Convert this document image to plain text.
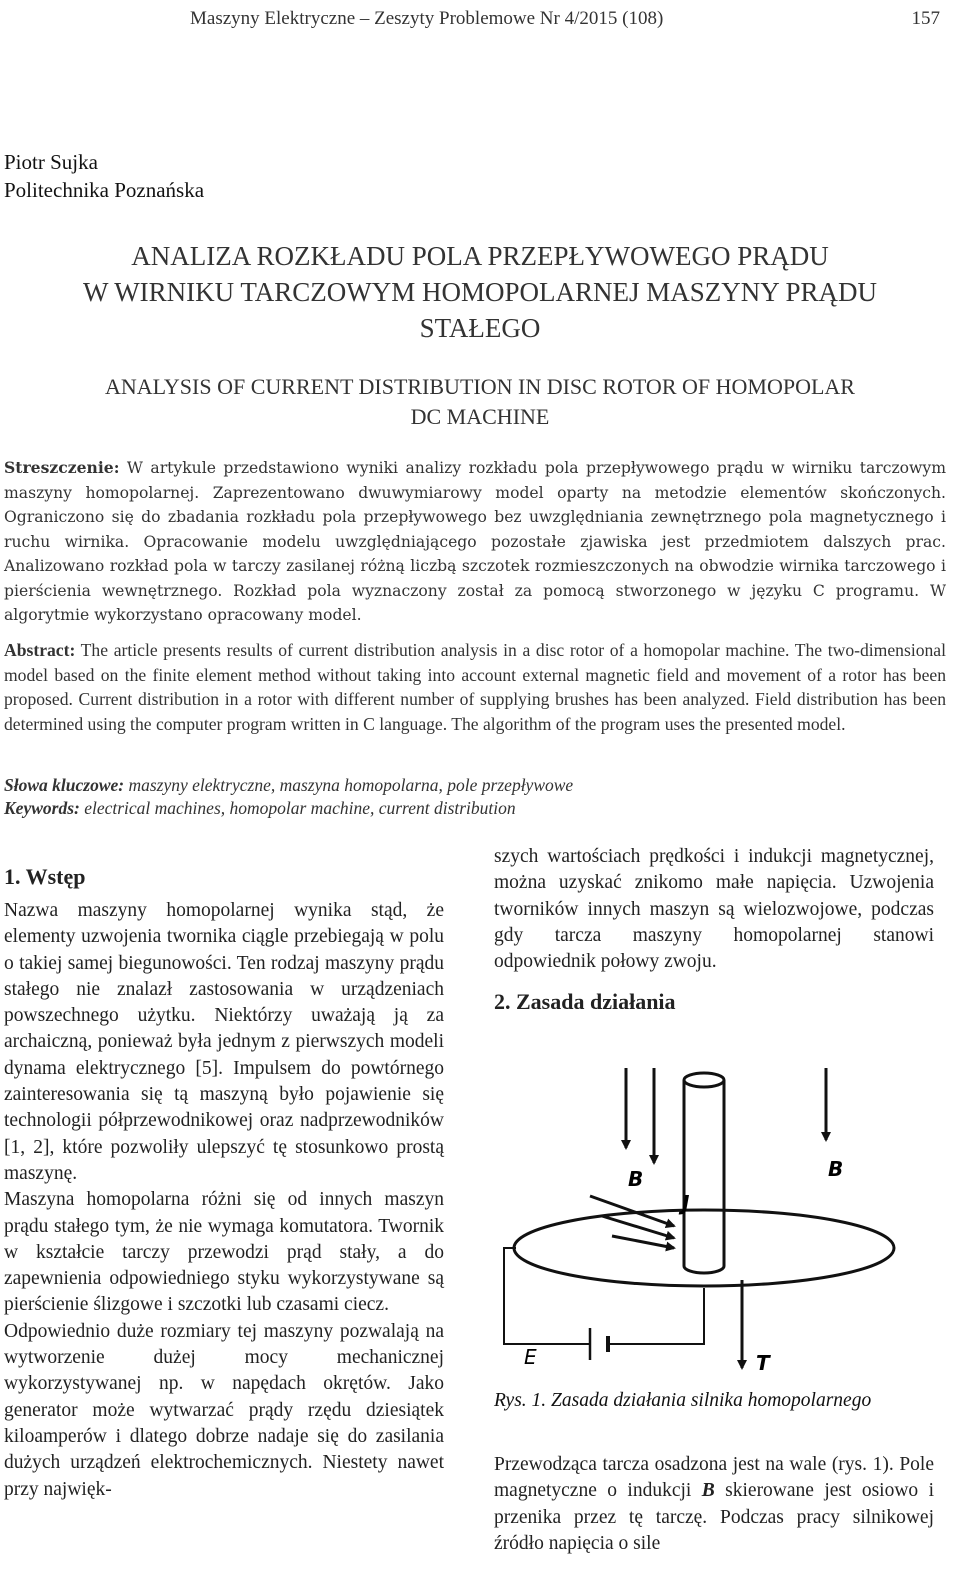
Maszyny Elektryczne – Zeszyty Problemowe Nr 4/2015 (108)	157
Piotr Sujka
Politechnika Poznańska
ANALIZA ROZKŁADU POLA PRZEPŁYWOWEGO PRĄDU
W WIRNIKU TARCZOWYM HOMOPOLARNEJ MASZYNY PRĄDU
STAŁEGO
ANALYSIS OF CURRENT DISTRIBUTION IN DISC ROTOR OF HOMOPOLAR
DC MACHINE
Streszczenie: W artykule przedstawiono wyniki analizy rozkładu pola przepływowego prądu w wirniku tarczowym maszyny homopolarnej. Zaprezentowano dwuwymiarowy model oparty na metodzie elementów skończonych. Ograniczono się do zbadania rozkładu pola przepływowego bez uwzględniania zewnętrznego pola magnetycznego i ruchu wirnika. Opracowanie modelu uwzględniającego pozostałe zjawiska jest przedmiotem dalszych prac. Analizowano rozkład pola w tarczy zasilanej różną liczbą szczotek rozmieszczonych na obwodzie wirnika tarczowego i pierścienia wewnętrznego. Rozkład pola wyznaczony został za pomocą stworzonego w języku C programu. W algorytmie wykorzystano opracowany model.
Abstract: The article presents results of current distribution analysis in a disc rotor of a homopolar machine. The two-dimensional model based on the finite element method without taking into account external magnetic field and movement of a rotor has been proposed. Current distribution in a rotor with different number of supplying brushes has been analyzed. Field distribution has been determined using the computer program written in C language. The algorithm of the program uses the presented model.
Słowa kluczowe: maszyny elektryczne, maszyna homopolarna, pole przepływowe
Keywords: electrical machines, homopolar machine, current distribution
1. Wstęp

Nazwa maszyny homopolarnej wynika stąd, że elementy uzwojenia twornika ciągle przebiegają w polu o takiej samej biegunowości. Ten rodzaj maszyny prądu stałego nie znalazł zastosowania w urządzeniach powszechnego użytku. Niektórzy uważają ją za archaiczną, ponieważ była jednym z pierwszych modeli dynama elektrycznego [5]. Impulsem do powtórnego zainteresowania się tą maszyną było pojawienie się technologii półprzewodnikowej oraz nadprzewodników [1, 2], które pozwoliły ulepszyć tę stosunkowo prostą maszynę.

Maszyna homopolarna różni się od innych maszyn prądu stałego tym, że nie wymaga komutatora. Twornik w kształcie tarczy przewodzi prąd stały, a do zapewnienia odpowiedniego styku wykorzystywane są pierścienie ślizgowe i szczotki lub czasami ciecz.

Odpowiednio duże rozmiary tej maszyny pozwalają na wytworzenie dużej mocy mechanicznej wykorzystywanej np. w napędach okrętów. Jako generator może wytwarzać prądy rzędu dziesiątek kiloamperów i dlatego dobrze nadaje się do zasilania dużych urządzeń elektrochemicznych. Niestety nawet przy najwięk-

szych wartościach prędkości i indukcji magnetycznej, można uzyskać znikomo małe napięcia. Uzwojenia tworników innych maszyn są wielozwojowe, podczas gdy tarcza maszyny homopolarnej stanowi odpowiednik połowy zwoju.

2. Zasada działania
B	B
J
E	T
Rys. 1. Zasada działania silnika homopolarnego

Przewodząca tarcza osadzona jest na wale (rys. 1). Pole magnetyczne o indukcji B skierowane jest osiowo i przenika przez tę tarczę. Podczas pracy silnikowej źródło napięcia o sile
